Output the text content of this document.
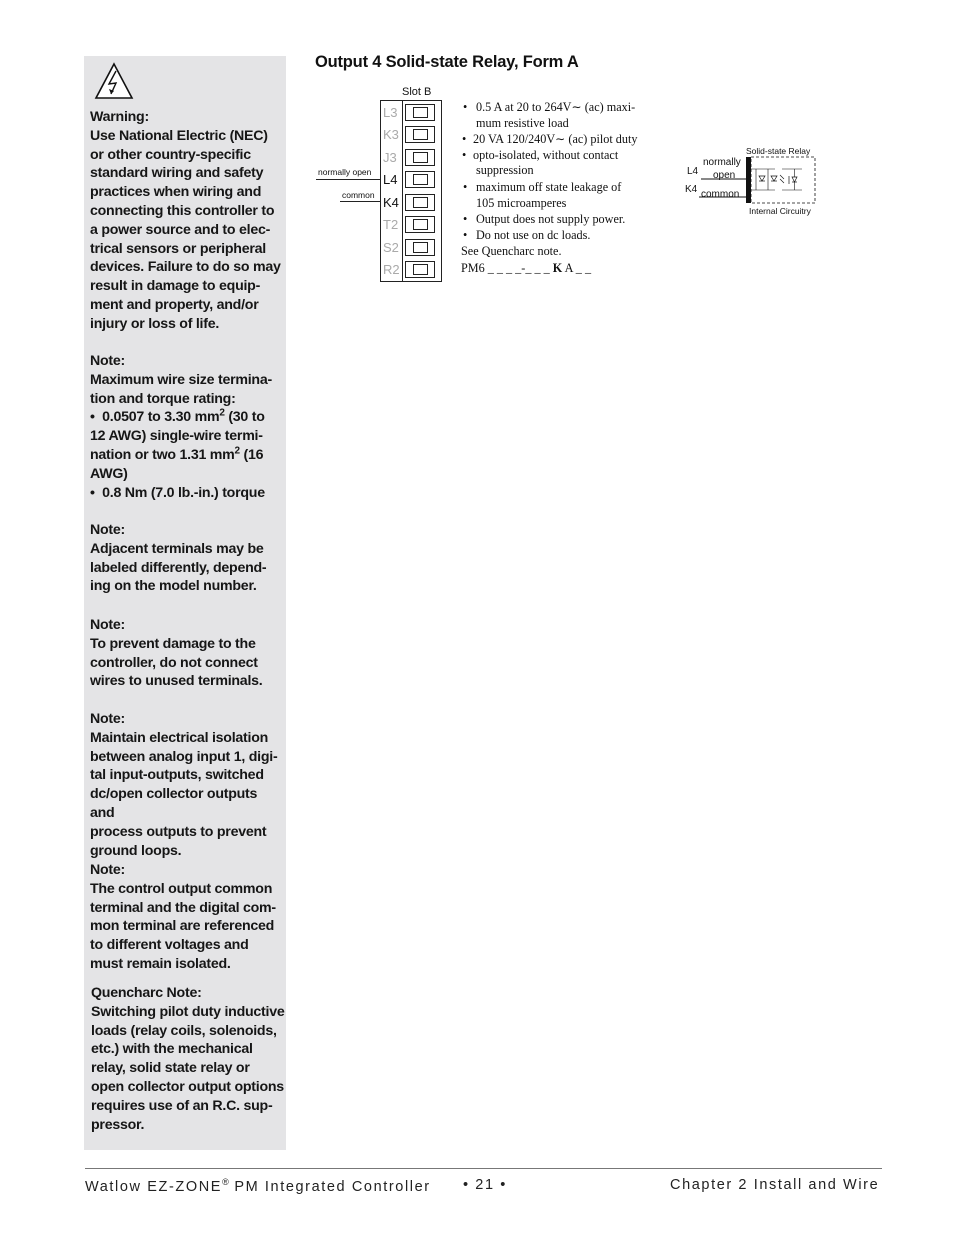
Warning:

Use National Electric (NEC)

or other country-specific

standard wiring and safety

practices when wiring and

connecting this controller to

a power source and to elec-

trical sensors or peripheral

devices. Failure to do so may

result in damage to equip-

ment and property, and/or

injury or loss of life.

Note:

Maximum wire size termina-

tion and torque rating:

•  0.0507 to 3.30 $mm^2$ (30 to

12 AWG) single-wire termi-

nation or two 1.31 $mm^2$ (16

AWG)

•  0.8 Nm (7.0 lb.-in.) torque

Note:

Adjacent terminals may be

labeled differently, depend-

ing on the model number.

Note:

To prevent damage to the

controller, do not connect

wires to unused terminals.

Note:

Maintain electrical isolation

between analog input 1, digi-

tal input-outputs, switched

dc/open collector outputs and

process outputs to prevent

ground loops.

Note:

The control output common

terminal and the digital com-

mon terminal are referenced

to different voltages and

must remain isolated.

Quencharc Note:

Switching pilot duty inductive

loads (relay coils, solenoids,

etc.) with the mechanical

relay, solid state relay or

open collector output options

requires use of an R.C. sup-

pressor.

Output 4 Solid-state Relay, Form A
Slot B
L3
K3
J3
L4
K4
T2
S2
R2
normally open
common
• 0.5 A at 20 to 264V∼ (ac) maxi-
mum resistive load
• 20 VA 120/240V∼ (ac) pilot duty
• opto-isolated, without contact
suppression
• maximum off state leakage of
105 microamperes
• Output does not supply power.
• Do not use on dc loads.
See Quencharc note.
PM6 _ _ _ _-_ _ _ K A _ _
Solid-state Relay
L4
K4
normally
open
common
Internal Circuitry
Watlow EZ-ZONE® PM Integrated Controller • 21 •	Chapter 2 Install and Wire
